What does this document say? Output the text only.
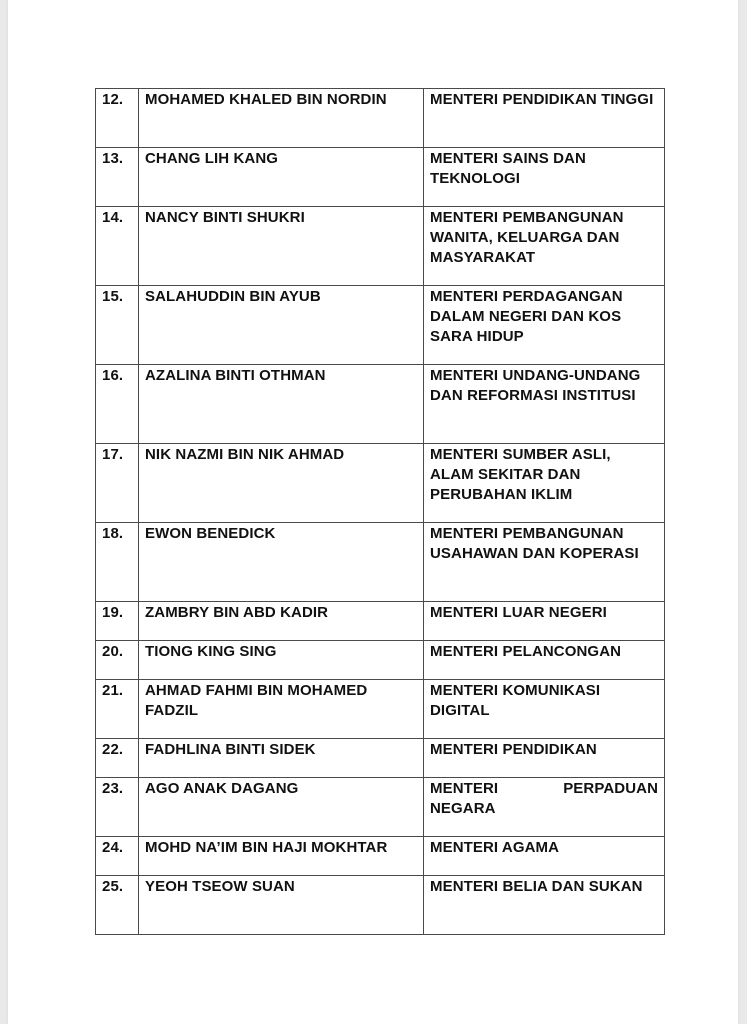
12.	MOHAMED KHALED BIN NORDIN	MENTERI PENDIDIKAN TINGGI
13.	CHANG LIH KANG	MENTERI SAINS DAN TEKNOLOGI
14.	NANCY BINTI SHUKRI	MENTERI PEMBANGUNAN WANITA, KELUARGA DAN MASYARAKAT
15.	SALAHUDDIN BIN AYUB	MENTERI PERDAGANGAN DALAM NEGERI DAN KOS SARA HIDUP
16.	AZALINA BINTI OTHMAN	MENTERI UNDANG-UNDANG DAN REFORMASI INSTITUSI
17.	NIK NAZMI BIN NIK AHMAD	MENTERI SUMBER ASLI, ALAM SEKITAR DAN PERUBAHAN IKLIM
18.	EWON BENEDICK	MENTERI PEMBANGUNAN USAHAWAN DAN KOPERASI
19.	ZAMBRY BIN ABD KADIR	MENTERI LUAR NEGERI
20.	TIONG KING SING	MENTERI PELANCONGAN
21.	AHMAD FAHMI BIN MOHAMED FADZIL	MENTERI KOMUNIKASI DIGITAL
22.	FADHLINA BINTI SIDEK	MENTERI PENDIDIKAN
23.	AGO ANAK DAGANG	MENTERI PERPADUAN NEGARA
24.	MOHD NA’IM BIN HAJI MOKHTAR	MENTERI AGAMA
25.	YEOH TSEOW SUAN	MENTERI BELIA DAN SUKAN
